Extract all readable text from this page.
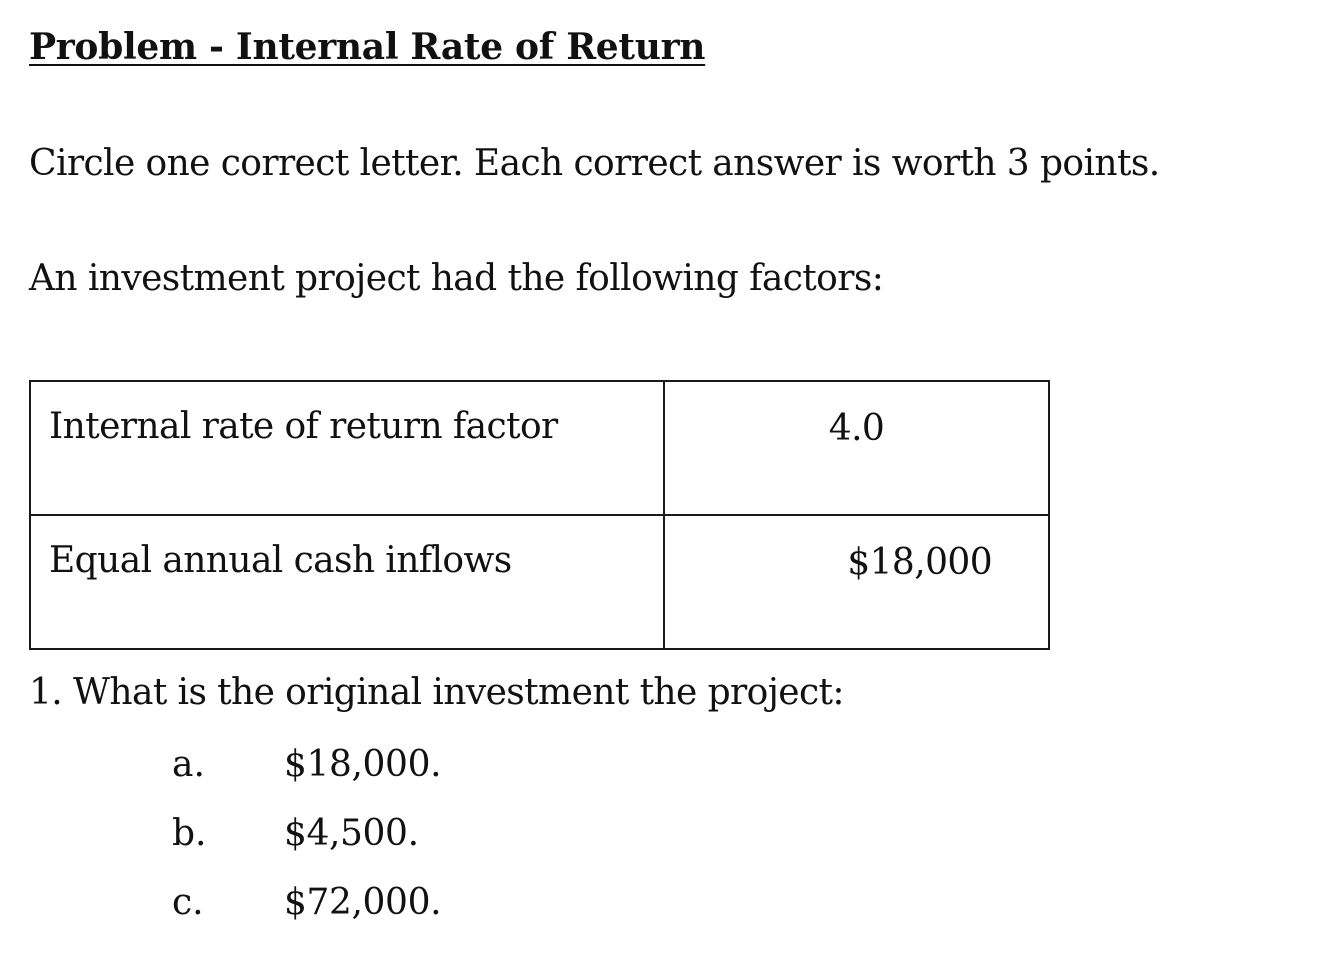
Problem - Internal Rate of Return

Circle one correct letter. Each correct answer is worth 3 points.

An investment project had the following factors:

Internal rate of return factor	4.0
Equal annual cash inflows	$18,000

1. What is the original investment the project:

a. $18,000.
b. $4,500.
c. $72,000.
